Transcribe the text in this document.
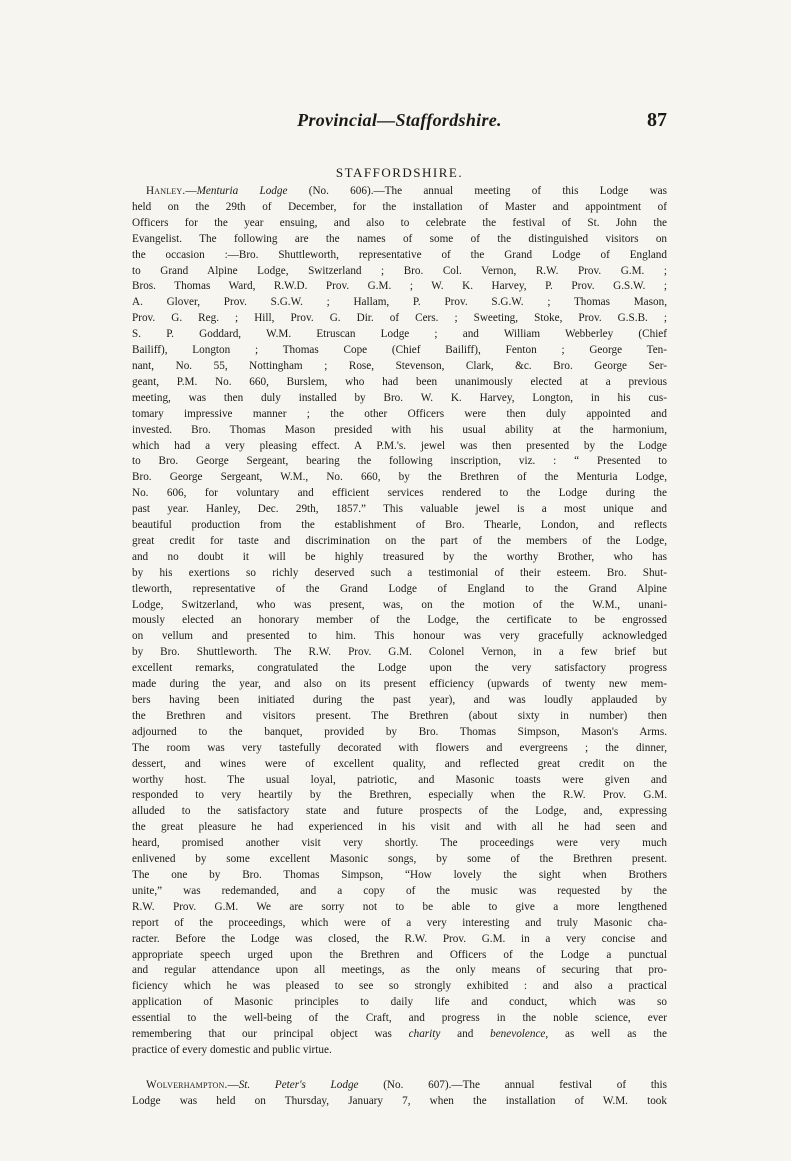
Provincial—Staffordshire.	87
STAFFORDSHIRE.
Hanley.—Menturia Lodge (No. 606).—The annual meeting of this Lodge was
held on the 29th of December, for the installation of Master and appointment of
Officers for the year ensuing, and also to celebrate the festival of St. John the
Evangelist. The following are the names of some of the distinguished visitors on
the occasion :—Bro. Shuttleworth, representative of the Grand Lodge of England
to Grand Alpine Lodge, Switzerland ; Bro. Col. Vernon, R.W. Prov. G.M. ;
Bros. Thomas Ward, R.W.D. Prov. G.M. ; W. K. Harvey, P. Prov. G.S.W. ;
A. Glover, Prov. S.G.W. ; Hallam, P. Prov. S.G.W. ; Thomas Mason,
Prov. G. Reg. ; Hill, Prov. G. Dir. of Cers. ; Sweeting, Stoke, Prov. G.S.B. ;
S. P. Goddard, W.M. Etruscan Lodge ; and William Webberley (Chief
Bailiff), Longton ; Thomas Cope (Chief Bailiff), Fenton ; George Ten-
nant, No. 55, Nottingham ; Rose, Stevenson, Clark, &c. Bro. George Ser-
geant, P.M. No. 660, Burslem, who had been unanimously elected at a previous
meeting, was then duly installed by Bro. W. K. Harvey, Longton, in his cus-
tomary impressive manner ; the other Officers were then duly appointed and
invested. Bro. Thomas Mason presided with his usual ability at the harmonium,
which had a very pleasing effect. A P.M.'s. jewel was then presented by the Lodge
to Bro. George Sergeant, bearing the following inscription, viz. : “ Presented to
Bro. George Sergeant, W.M., No. 660, by the Brethren of the Menturia Lodge,
No. 606, for voluntary and efficient services rendered to the Lodge during the
past year. Hanley, Dec. 29th, 1857.” This valuable jewel is a most unique and
beautiful production from the establishment of Bro. Thearle, London, and reflects
great credit for taste and discrimination on the part of the members of the Lodge,
and no doubt it will be highly treasured by the worthy Brother, who has
by his exertions so richly deserved such a testimonial of their esteem. Bro. Shut-
tleworth, representative of the Grand Lodge of England to the Grand Alpine
Lodge, Switzerland, who was present, was, on the motion of the W.M., unani-
mously elected an honorary member of the Lodge, the certificate to be engrossed
on vellum and presented to him. This honour was very gracefully acknowledged
by Bro. Shuttleworth. The R.W. Prov. G.M. Colonel Vernon, in a few brief but
excellent remarks, congratulated the Lodge upon the very satisfactory progress
made during the year, and also on its present efficiency (upwards of twenty new mem-
bers having been initiated during the past year), and was loudly applauded by
the Brethren and visitors present. The Brethren (about sixty in number) then
adjourned to the banquet, provided by Bro. Thomas Simpson, Mason's Arms.
The room was very tastefully decorated with flowers and evergreens ; the dinner,
dessert, and wines were of excellent quality, and reflected great credit on the
worthy host. The usual loyal, patriotic, and Masonic toasts were given and
responded to very heartily by the Brethren, especially when the R.W. Prov. G.M.
alluded to the satisfactory state and future prospects of the Lodge, and, expressing
the great pleasure he had experienced in his visit and with all he had seen and
heard, promised another visit very shortly. The proceedings were very much
enlivened by some excellent Masonic songs, by some of the Brethren present.
The one by Bro. Thomas Simpson, “How lovely the sight when Brothers
unite,” was redemanded, and a copy of the music was requested by the
R.W. Prov. G.M. We are sorry not to be able to give a more lengthened
report of the proceedings, which were of a very interesting and truly Masonic cha-
racter. Before the Lodge was closed, the R.W. Prov. G.M. in a very concise and
appropriate speech urged upon the Brethren and Officers of the Lodge a punctual
and regular attendance upon all meetings, as the only means of securing that pro-
ficiency which he was pleased to see so strongly exhibited : and also a practical
application of Masonic principles to daily life and conduct, which was so
essential to the well-being of the Craft, and progress in the noble science, ever
remembering that our principal object was charity and benevolence, as well as the
practice of every domestic and public virtue.
Wolverhampton.—St. Peter's Lodge (No. 607).—The annual festival of this
Lodge was held on Thursday, January 7, when the installation of W.M. took
